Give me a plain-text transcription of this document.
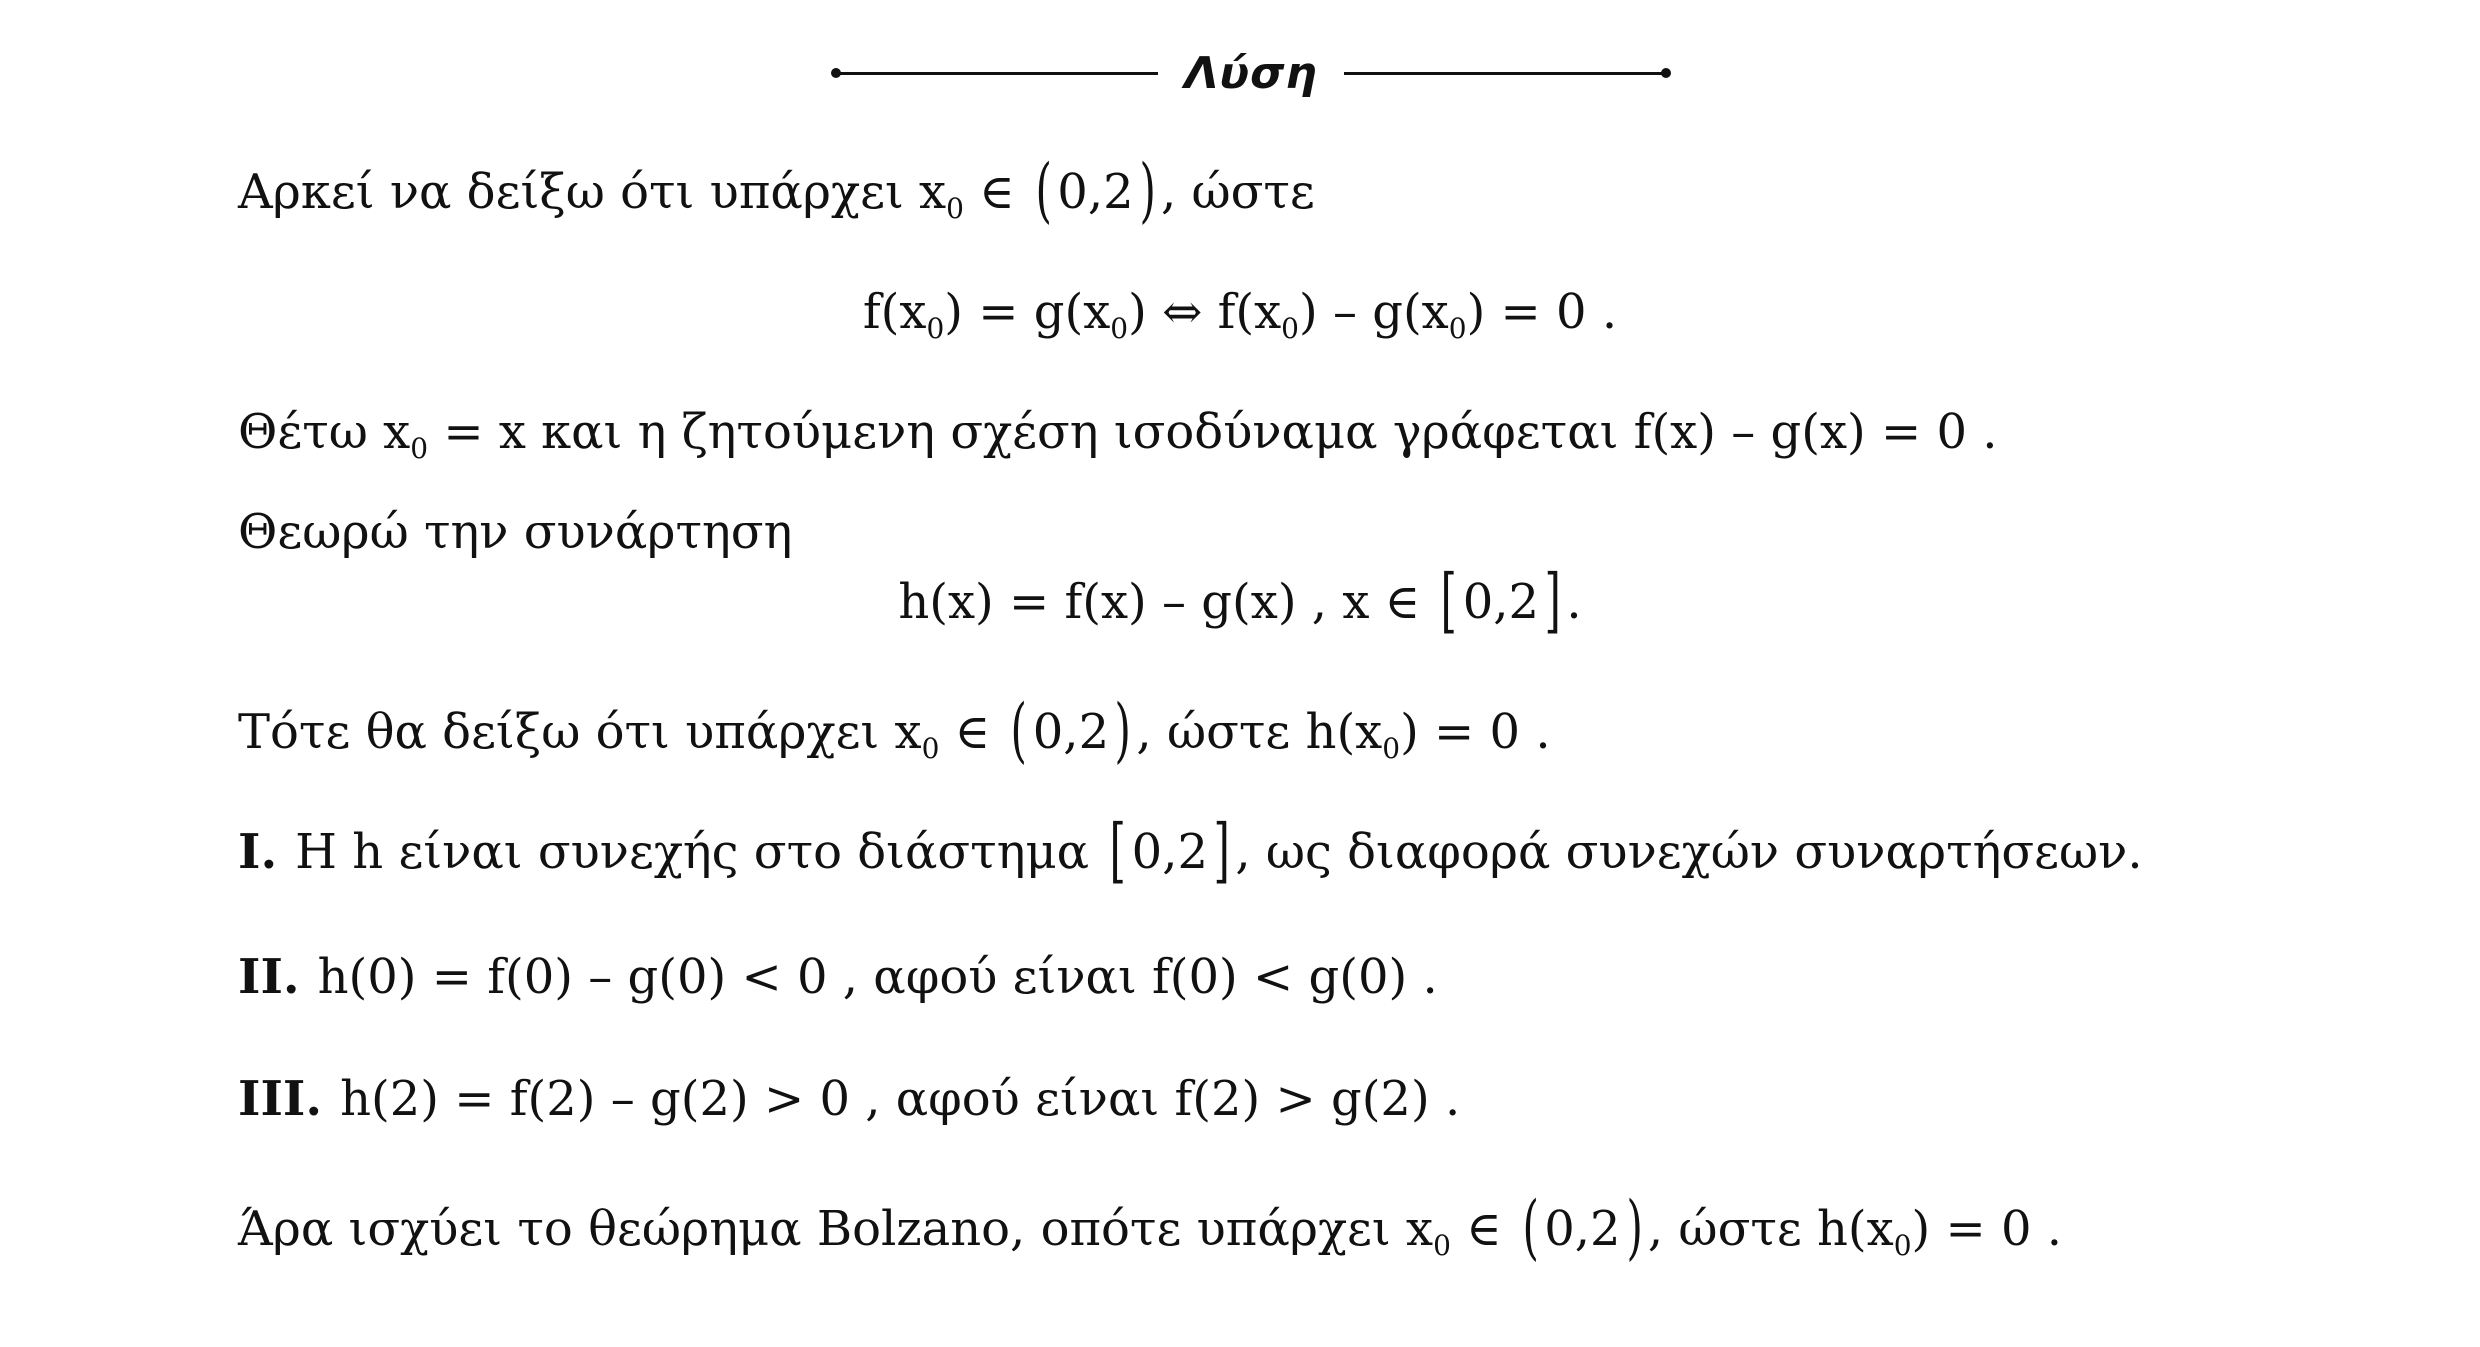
Λύση
Αρκεί να δείξω ότι υπάρχει $x_0$ ∈ ( 0,2) , ώστε
$f(x_0) = g(x_0)$ ⇔ $f(x_0) - g(x_0) = 0$ .
Θέτω $x_0 = x$ και η ζητούμενη σχέση ισοδύναμα γράφεται f(x) – g(x) = 0 .
Θεωρώ την συνάρτηση
h(x) = f(x) – g(x) , x ∈ [ 0,2] .
Τότε θα δείξω ότι υπάρχει $x_0$ ∈ ( 0,2) , ώστε $h(x_0) = 0$ .
I. Η h είναι συνεχής στο διάστημα [ 0,2] , ως διαφορά συνεχών συναρτήσεων.
II. h(0) = f(0) – g(0) < 0 , αφού είναι f(0) < g(0) .
III. h(2) = f(2) – g(2) > 0 , αφού είναι f(2) > g(2) .
Άρα ισχύει το θεώρημα Bolzano, οπότε υπάρχει $x_0$ ∈ ( 0,2) , ώστε $h(x_0) = 0$ .
